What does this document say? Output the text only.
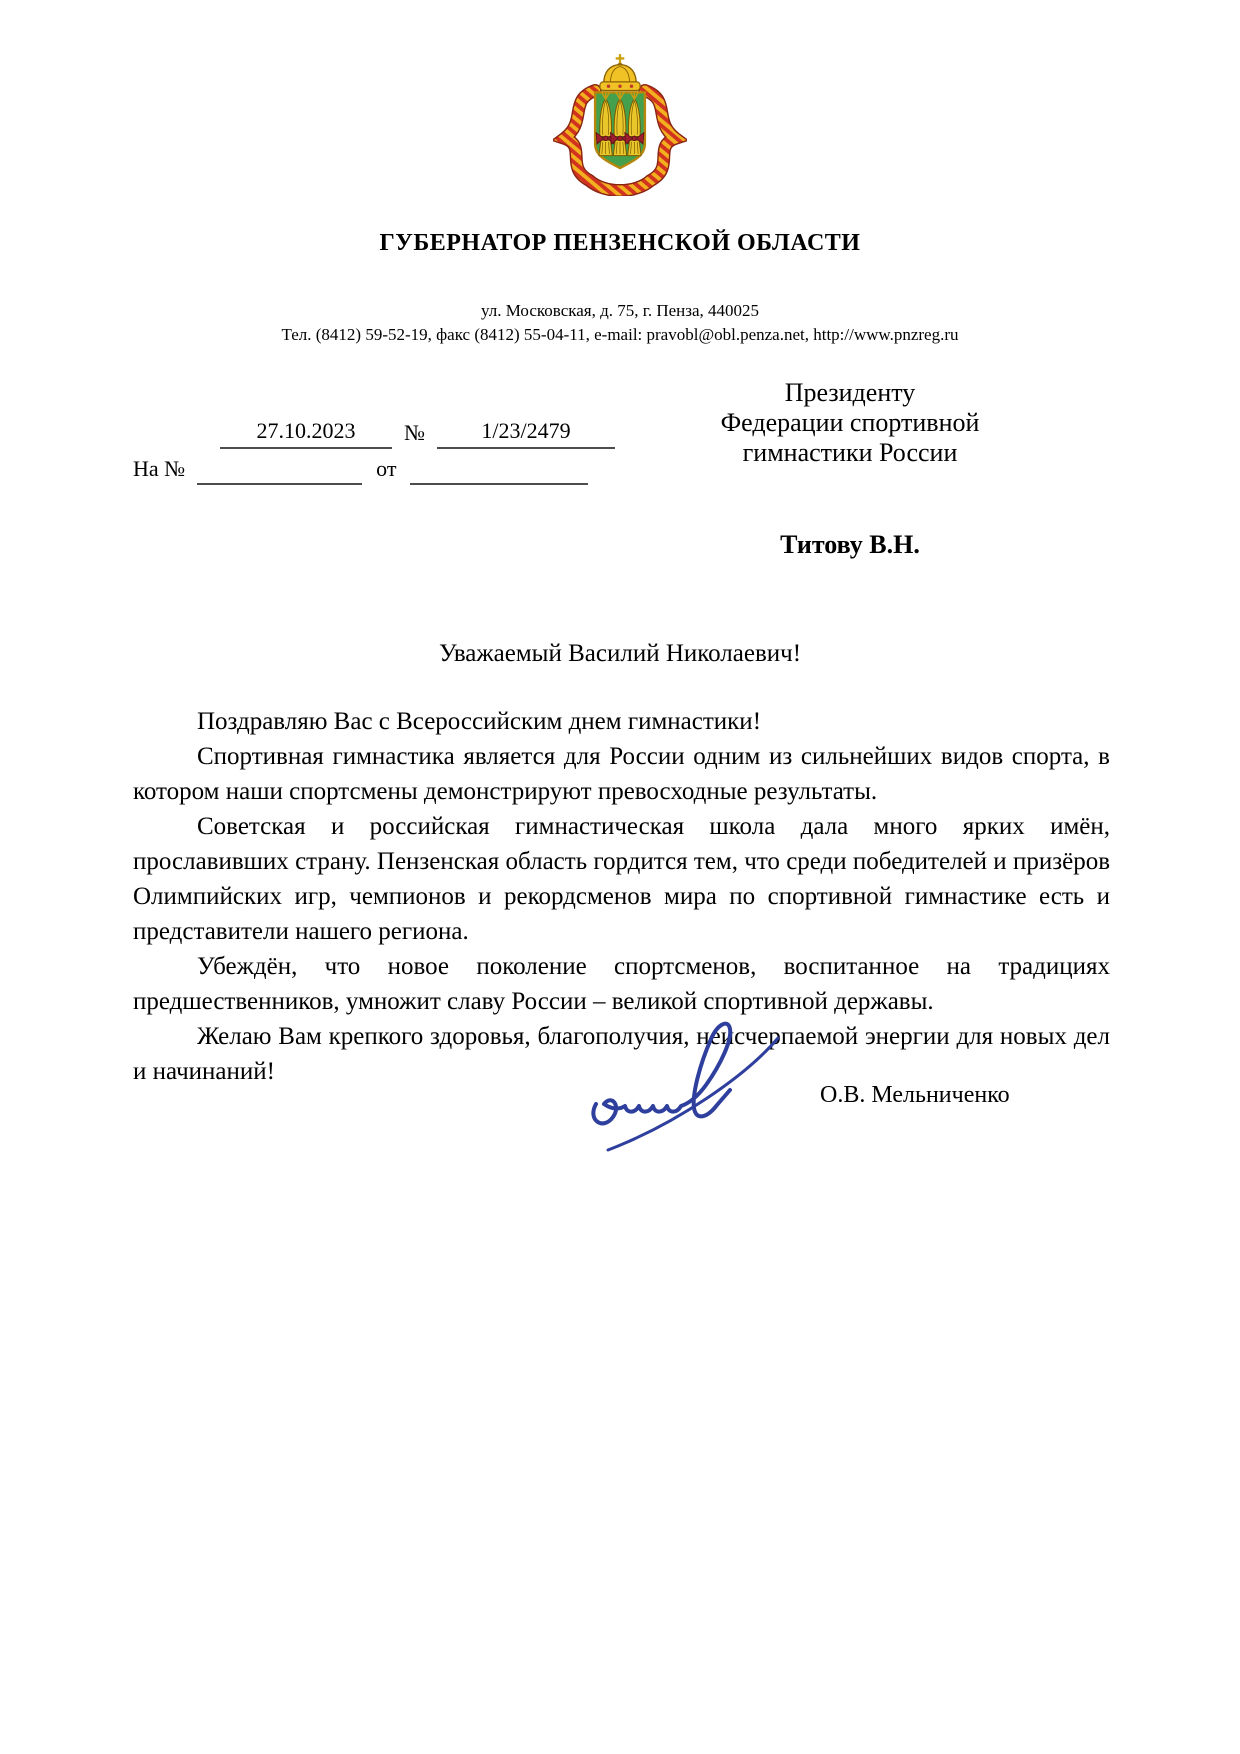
ГУБЕРНАТОР ПЕНЗЕНСКОЙ ОБЛАСТИ
ул. Московская, д. 75, г. Пенза, 440025
Тел. (8412) 59-52-19, факс (8412) 55-04-11, e-mail: pravobl@obl.penza.net, http://www.pnzreg.ru
27.10.2023	№	1/23/2479
На №	от
Президенту
Федерации спортивной
гимнастики России
Титову В.Н.
Уважаемый Василий Николаевич!

Поздравляю Вас с Всероссийским днем гимнастики!

Спортивная гимнастика является для России одним из сильнейших видов спорта, в котором наши спортсмены демонстрируют превосходные результаты.

Советская и российская гимнастическая школа дала много ярких имён, прославивших страну. Пензенская область гордится тем, что среди победителей и призёров Олимпийских игр, чемпионов и рекордсменов мира по спортивной гимнастике есть и представители нашего региона.

Убеждён, что новое поколение спортсменов, воспитанное на традициях предшественников, умножит славу России – великой спортивной державы.

Желаю Вам крепкого здоровья, благополучия, неисчерпаемой энергии для новых дел и начинаний!

О.В. Мельниченко
